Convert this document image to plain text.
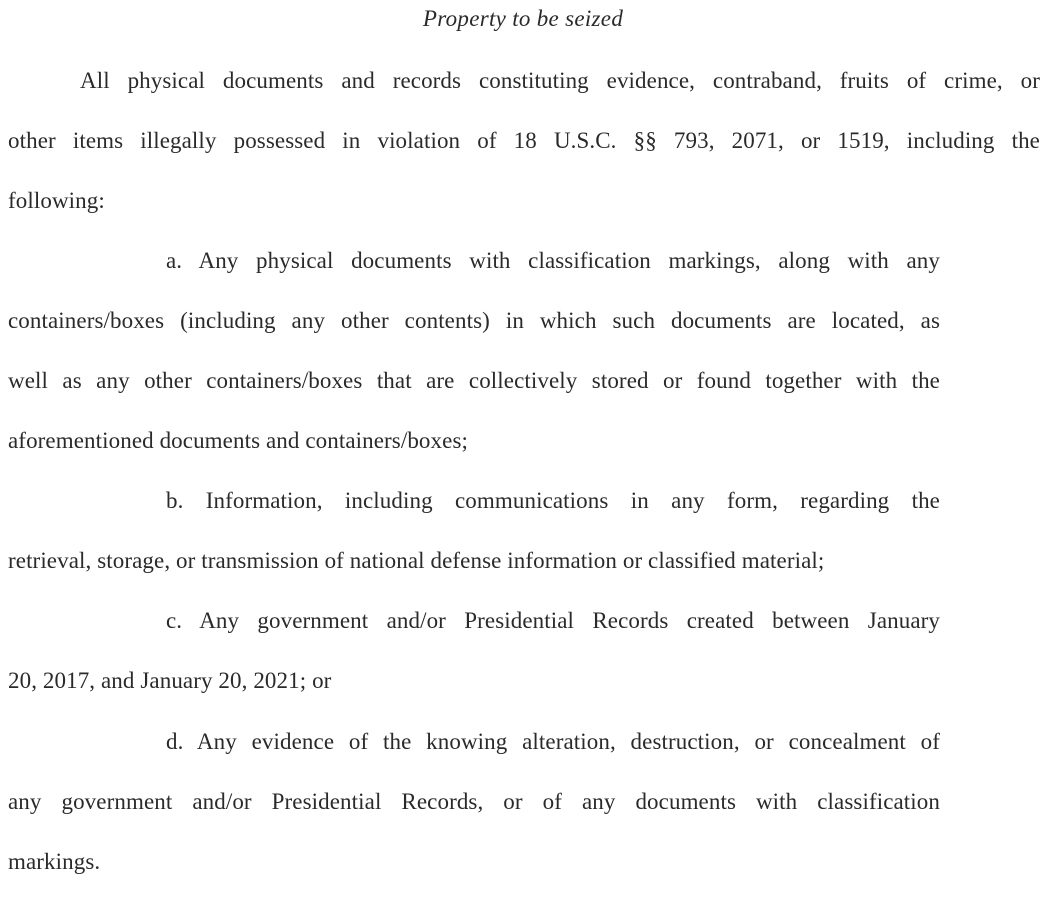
Property to be seized

All physical documents and records constituting evidence, contraband, fruits of crime, or

other items illegally possessed in violation of 18 U.S.C. §§ 793, 2071, or 1519, including the

following:

a. Any physical documents with classification markings, along with any

containers/boxes (including any other contents) in which such documents are located, as

well as any other containers/boxes that are collectively stored or found together with the

aforementioned documents and containers/boxes;

b. Information, including communications in any form, regarding the

retrieval, storage, or transmission of national defense information or classified material;

c. Any government and/or Presidential Records created between January

20, 2017, and January 20, 2021; or

d. Any evidence of the knowing alteration, destruction, or concealment of

any government and/or Presidential Records, or of any documents with classification

markings.
